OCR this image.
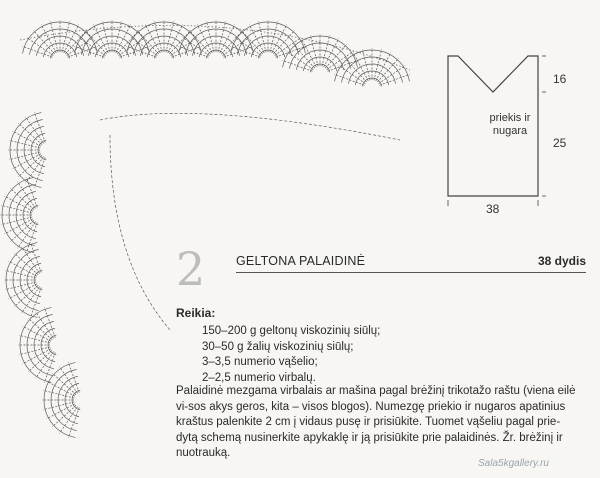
priekis ir
nugara
16
25
38
2 GELTONA PALAIDINĖ	38 dydis
Reikia:
150–200 g geltonų viskozinių siūlų;
30–50 g žalių viskozinių siūlų;
3–3,5 numerio vąšelio;
2–2,5 numerio virbalų.
Palaidinė mezgama virbalais ar mašina pagal brėžinį trikotažo raštu (viena eilė
vi-sos akys geros, kita – visos blogos). Numezgę priekio ir nugaros apatinius
kraštus palenkite 2 cm į vidaus pusę ir prisiūkite. Tuomet vąšeliu pagal prie-
dytą schemą nusinerkite apykaklę ir ją prisiūkite prie palaidinės. Žr. brėžinį ir
nuotrauką.
Sala5kgallery.ru
